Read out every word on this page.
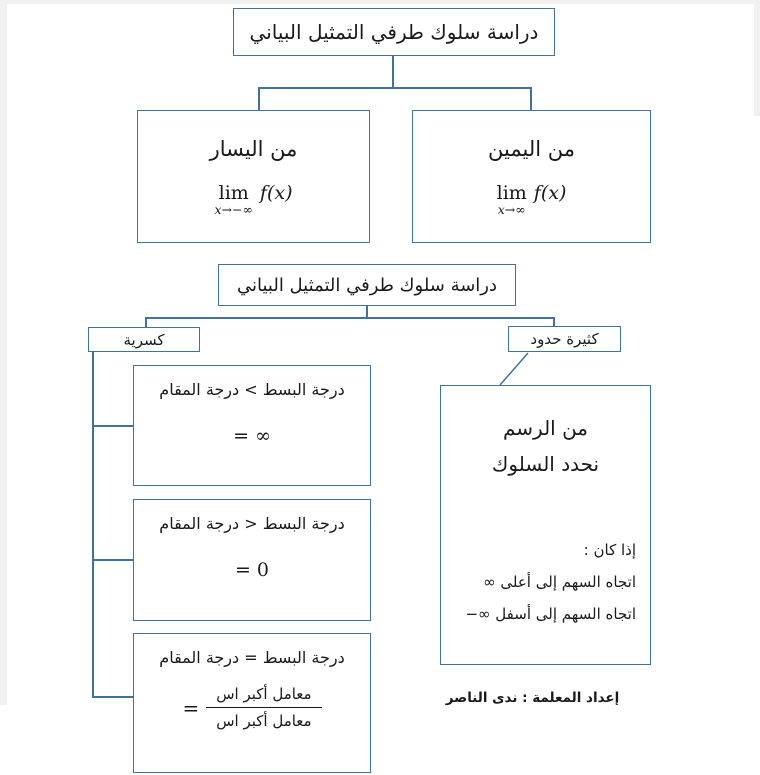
دراسة سلوك طرفي التمثيل البياني
من اليسار
lim
x→−∞
f(x)
من اليمين
lim
x→∞
f(x)
دراسة سلوك طرفي التمثيل البياني
كسرية	كثيرة حدود
درجة البسط > درجة المقام
= ∞
درجة البسط < درجة المقام
= 0
درجة البسط = درجة المقام
= $\frac{\text{معامل أكبر اس}}{\text{معامل أكبر اس}}$
من الرسم
نحدد السلوك
إذا كان :
اتجاه السهم إلى أعلى ∞
اتجاه السهم إلى أسفل −∞
إعداد المعلمة : ندى الناصر
